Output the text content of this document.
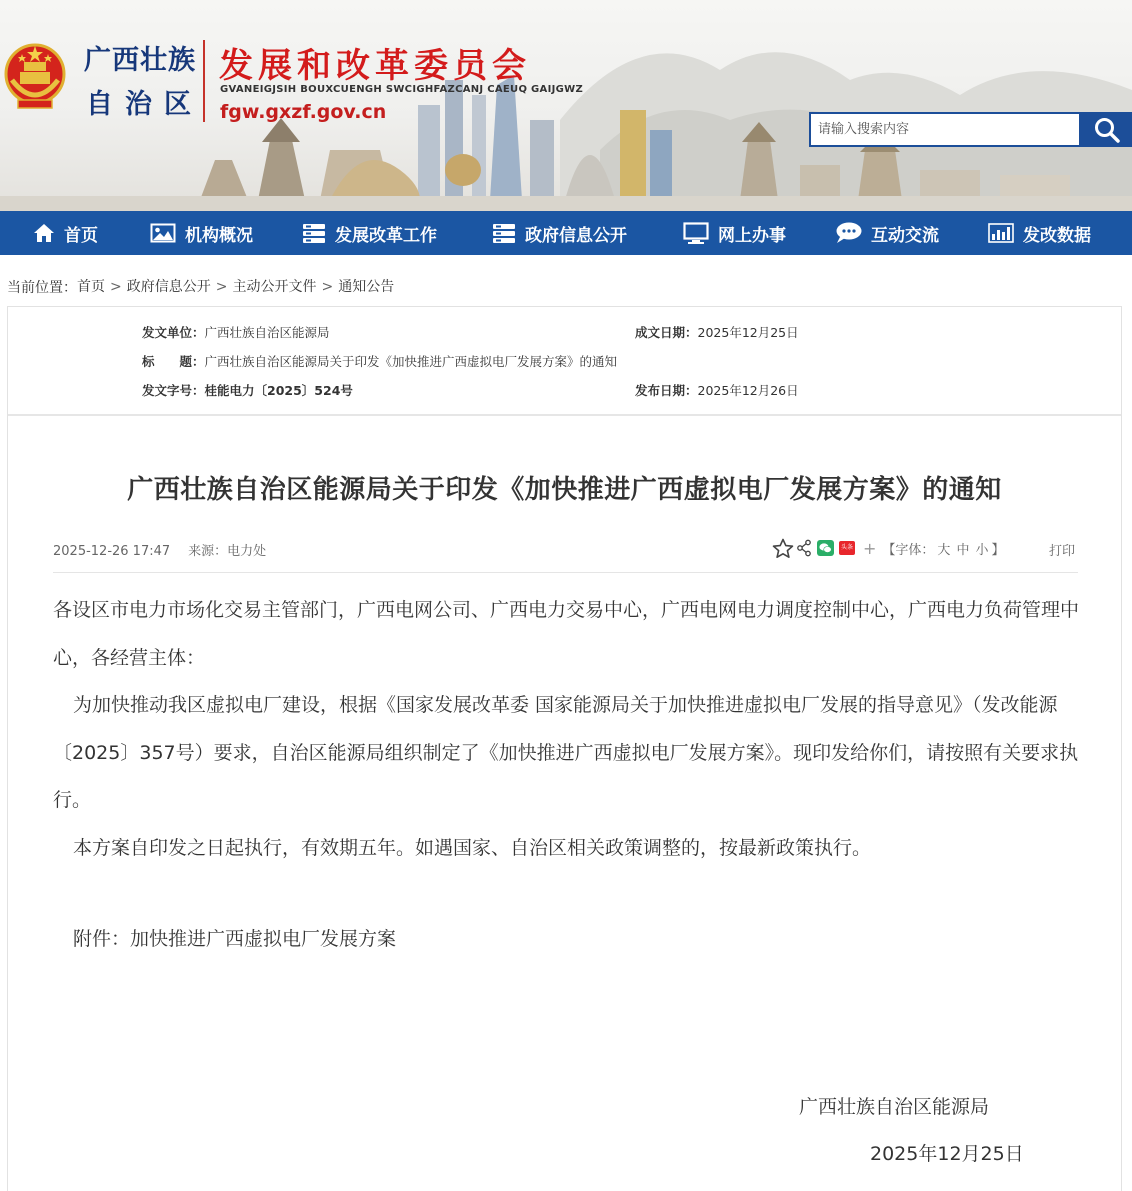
广西壮族
自治区
发展和改革委员会
GVANEIGJSIH BOUXCUENGH SWCIGHFAZCANJ CAEUQ GAIJGWZ
fgw.gxzf.gov.cn
请输入搜索内容
首页	机构概况	发展改革工作	政府信息公开	网上办事	互动交流	发改数据
当前位置：首页 > 政府信息公开 > 主动公开文件 > 通知公告
发文单位：广西壮族自治区能源局	成文日期：2025年12月25日
标　　题：广西壮族自治区能源局关于印发《加快推进广西虚拟电厂发展方案》的通知
发文字号：桂能电力〔2025〕524号	发布日期：2025年12月26日
广西壮族自治区能源局关于印发《加快推进广西虚拟电厂发展方案》的通知
2025-12-26 17:47 来源：电力处	头条 + 【字体： 大 中 小 】	打印

各设区市电力市场化交易主管部门，广西电网公司、广西电力交易中心，广西电网电力调度控制中心，广西电力负荷管理中心，各经营主体：

为加快推动我区虚拟电厂建设，根据《国家发展改革委 国家能源局关于加快推进虚拟电厂发展的指导意见》（发改能源〔2025〕357号）要求，自治区能源局组织制定了《加快推进广西虚拟电厂发展方案》。现印发给你们，请按照有关要求执行。

本方案自印发之日起执行，有效期五年。如遇国家、自治区相关政策调整的，按最新政策执行。

附件：加快推进广西虚拟电厂发展方案

广西壮族自治区能源局
2025年12月25日
